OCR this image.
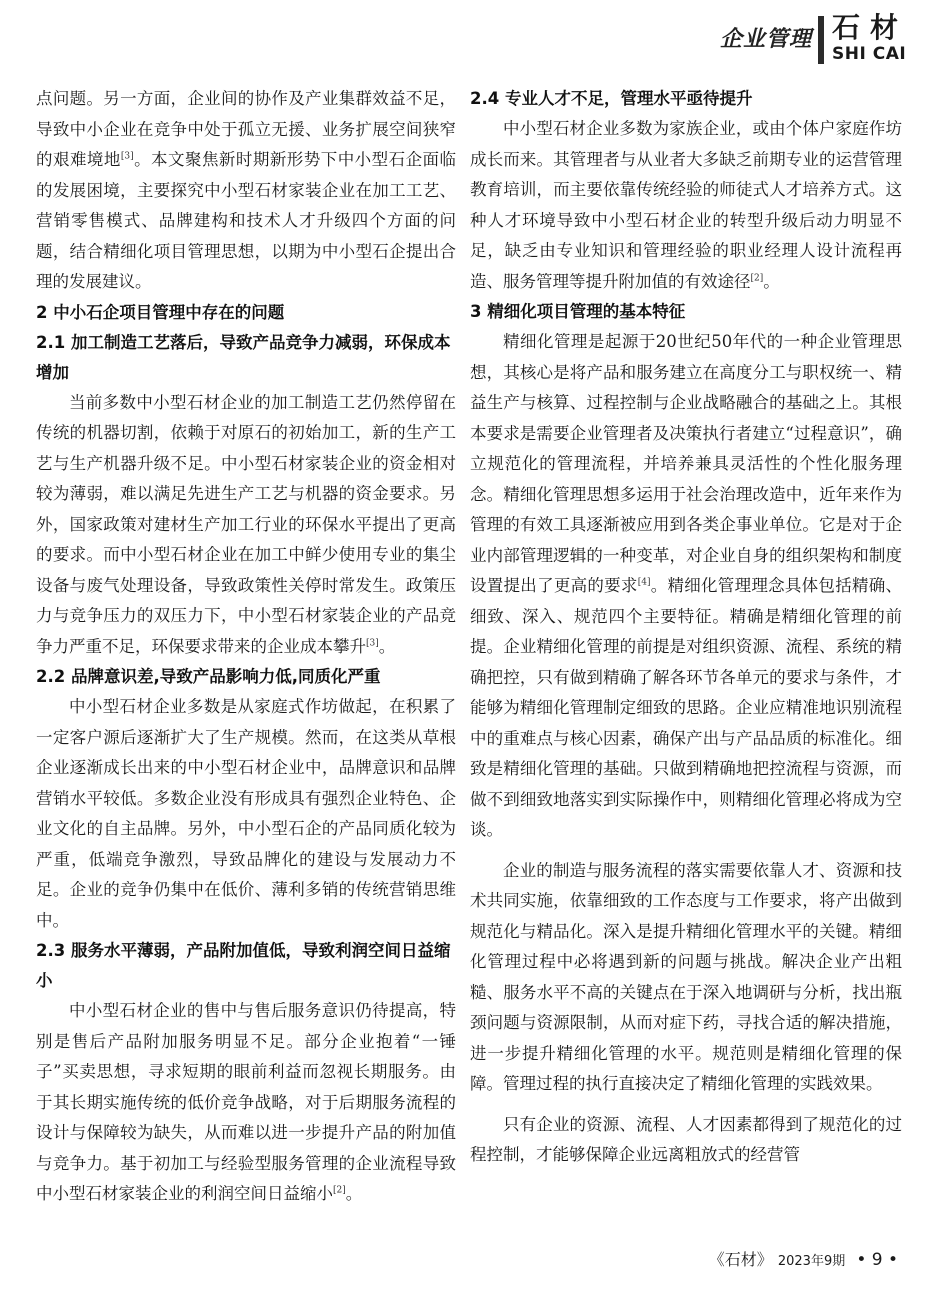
企业管理 石材
SHI CAI

点问题。另一方面，企业间的协作及产业集群效益不足，导致中小企业在竞争中处于孤立无援、业务扩展空间狭窄的艰难境地[3]。本文聚焦新时期新形势下中小型石企面临的发展困境，主要探究中小型石材家装企业在加工工艺、营销零售模式、品牌建构和技术人才升级四个方面的问题，结合精细化项目管理思想，以期为中小型石企提出合理的发展建议。

2 中小石企项目管理中存在的问题
2.1 加工制造工艺落后，导致产品竞争力减弱，环保成本增加

当前多数中小型石材企业的加工制造工艺仍然停留在传统的机器切割，依赖于对原石的初始加工，新的生产工艺与生产机器升级不足。中小型石材家装企业的资金相对较为薄弱，难以满足先进生产工艺与机器的资金要求。另外，国家政策对建材生产加工行业的环保水平提出了更高的要求。而中小型石材企业在加工中鲜少使用专业的集尘设备与废气处理设备，导致政策性关停时常发生。政策压力与竞争压力的双压力下，中小型石材家装企业的产品竞争力严重不足，环保要求带来的企业成本攀升[3]。

2.2 品牌意识差,导致产品影响力低,同质化严重

中小型石材企业多数是从家庭式作坊做起，在积累了一定客户源后逐渐扩大了生产规模。然而，在这类从草根企业逐渐成长出来的中小型石材企业中，品牌意识和品牌营销水平较低。多数企业没有形成具有强烈企业特色、企业文化的自主品牌。另外，中小型石企的产品同质化较为严重，低端竞争激烈，导致品牌化的建设与发展动力不足。企业的竞争仍集中在低价、薄利多销的传统营销思维中。

2.3 服务水平薄弱，产品附加值低，导致利润空间日益缩小

中小型石材企业的售中与售后服务意识仍待提高，特别是售后产品附加服务明显不足。部分企业抱着“一锤子”买卖思想，寻求短期的眼前利益而忽视长期服务。由于其长期实施传统的低价竞争战略，对于后期服务流程的设计与保障较为缺失，从而难以进一步提升产品的附加值与竞争力。基于初加工与经验型服务管理的企业流程导致中小型石材家装企业的利润空间日益缩小[2]。

2.4 专业人才不足，管理水平亟待提升

中小型石材企业多数为家族企业，或由个体户家庭作坊成长而来。其管理者与从业者大多缺乏前期专业的运营管理教育培训，而主要依靠传统经验的师徒式人才培养方式。这种人才环境导致中小型石材企业的转型升级后动力明显不足，缺乏由专业知识和管理经验的职业经理人设计流程再造、服务管理等提升附加值的有效途径[2]。

3 精细化项目管理的基本特征

精细化管理是起源于20世纪50年代的一种企业管理思想，其核心是将产品和服务建立在高度分工与职权统一、精益生产与核算、过程控制与企业战略融合的基础之上。其根本要求是需要企业管理者及决策执行者建立“过程意识”，确立规范化的管理流程，并培养兼具灵活性的个性化服务理念。精细化管理思想多运用于社会治理改造中，近年来作为管理的有效工具逐渐被应用到各类企事业单位。它是对于企业内部管理逻辑的一种变革，对企业自身的组织架构和制度设置提出了更高的要求[4]。精细化管理理念具体包括精确、细致、深入、规范四个主要特征。精确是精细化管理的前提。企业精细化管理的前提是对组织资源、流程、系统的精确把控，只有做到精确了解各环节各单元的要求与条件，才能够为精细化管理制定细致的思路。企业应精准地识别流程中的重难点与核心因素，确保产出与产品品质的标准化。细致是精细化管理的基础。只做到精确地把控流程与资源，而做不到细致地落实到实际操作中，则精细化管理必将成为空谈。

企业的制造与服务流程的落实需要依靠人才、资源和技术共同实施，依靠细致的工作态度与工作要求，将产出做到规范化与精品化。深入是提升精细化管理水平的关键。精细化管理过程中必将遇到新的问题与挑战。解决企业产出粗糙、服务水平不高的关键点在于深入地调研与分析，找出瓶颈问题与资源限制，从而对症下药，寻找合适的解决措施，进一步提升精细化管理的水平。规范则是精细化管理的保障。管理过程的执行直接决定了精细化管理的实践效果。

只有企业的资源、流程、人才因素都得到了规范化的过程控制，才能够保障企业远离粗放式的经营管

《石材》 2023年9期 • 9 •
